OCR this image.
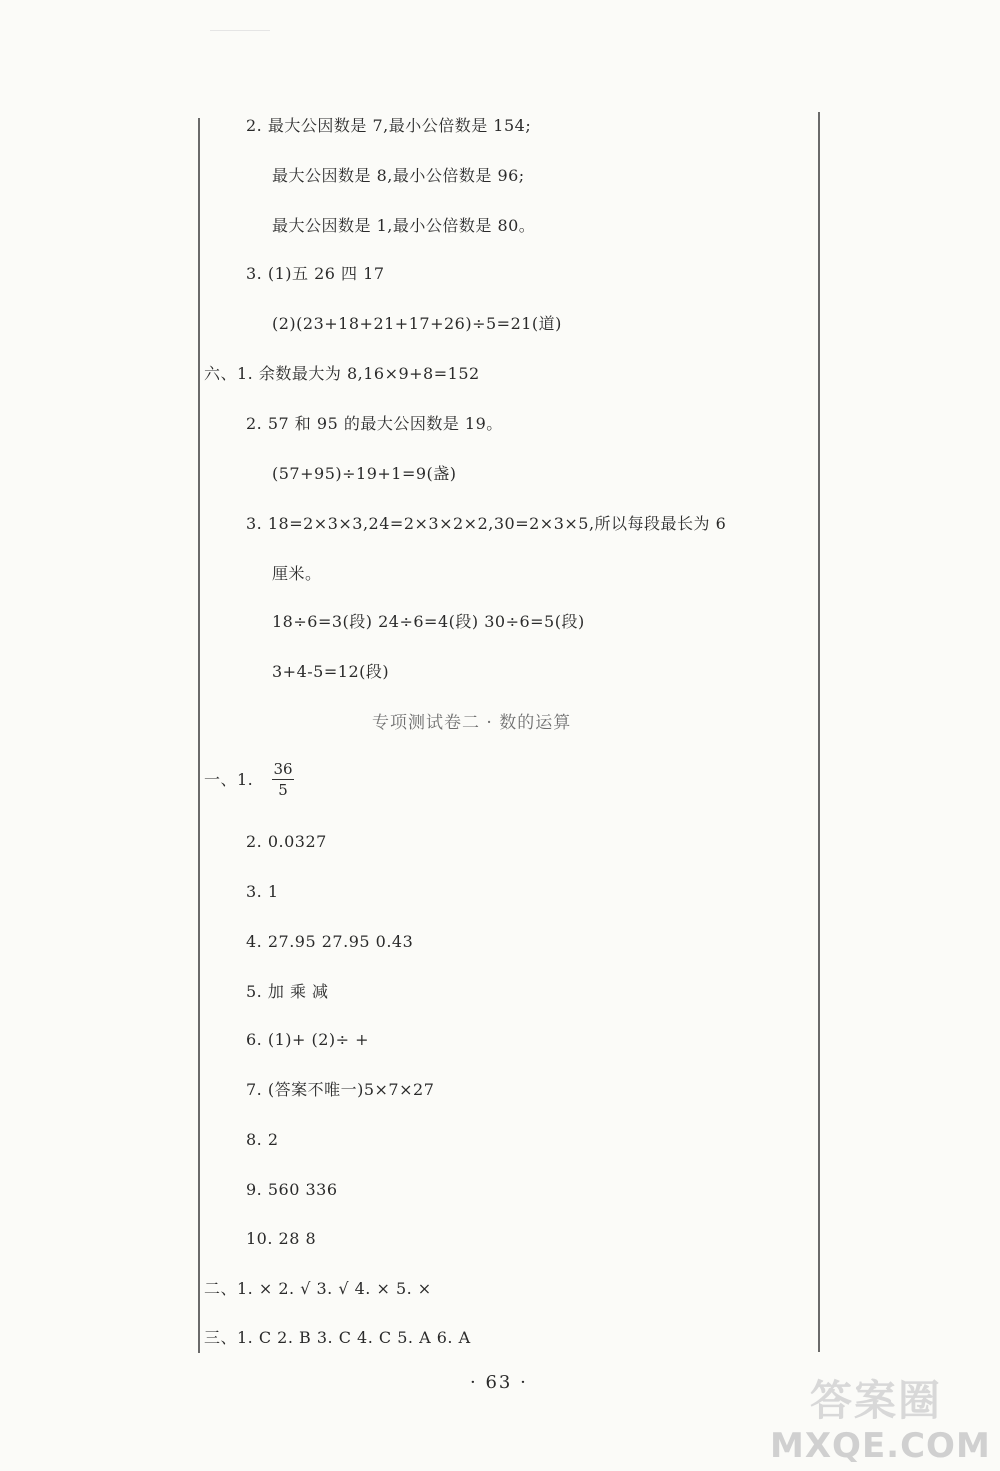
2. 最大公因数是 7,最小公倍数是 154;
最大公因数是 8,最小公倍数是 96;
最大公因数是 1,最小公倍数是 80。
3. (1)五 26 四 17
(2)(23+18+21+17+26)÷5=21(道)
六、1. 余数最大为 8,16×9+8=152
2. 57 和 95 的最大公因数是 19。
(57+95)÷19+1=9(盏)
3. 18=2×3×3,24=2×3×2×2,30=2×3×5,所以每段最长为 6
厘米。
18÷6=3(段) 24÷6=4(段) 30÷6=5(段)
3+4-5=12(段)
专项测试卷二 · 数的运算
一、1. $\frac{36}{5}$
2. 0.0327
3. 1
4. 27.95 27.95 0.43
5. 加 乘 减
6. (1)+ (2)÷ +
7. (答案不唯一)5×7×27
8. 2
9. 560 336
10. 28 8
二、1. × 2. √ 3. √ 4. × 5. ×
三、1. C 2. B 3. C 4. C 5. A 6. A
· 63 ·	答案圈
MXQE.COM
